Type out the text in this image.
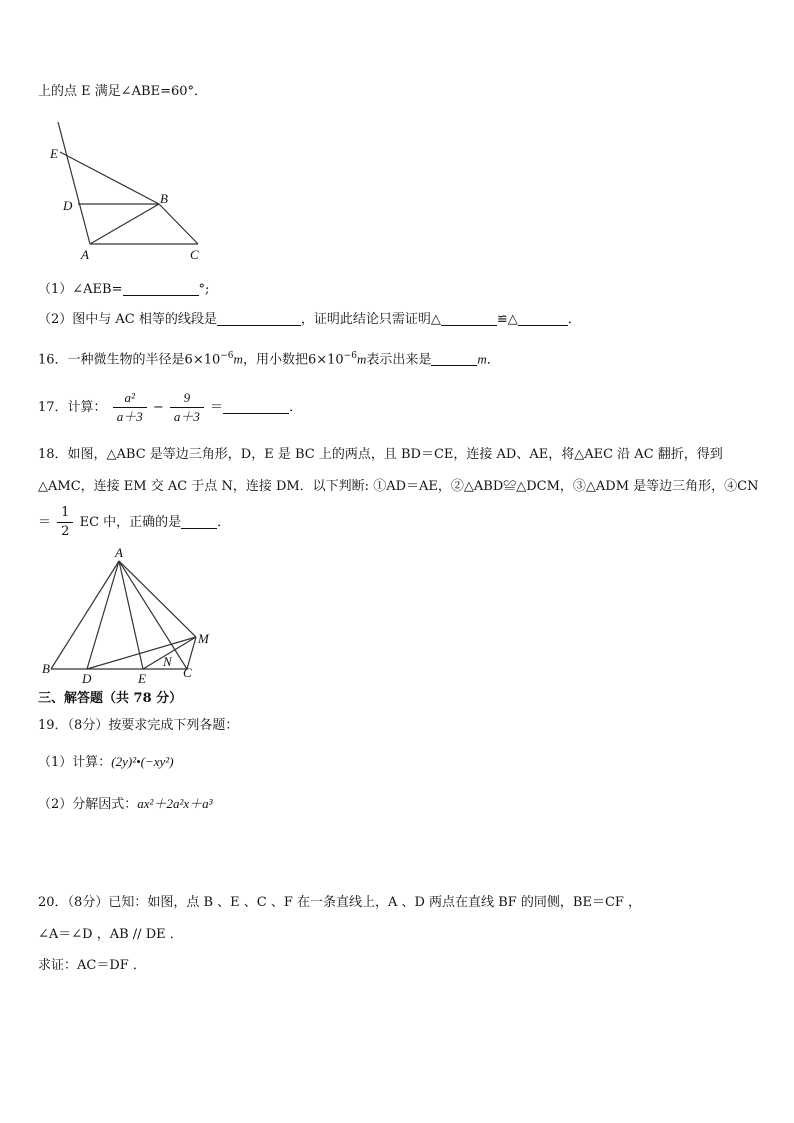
上的点 E 满足∠ABE=60°．
E
D	B
A	C
（1）∠AEB=	°;
（2）图中与 AC 相等的线段是	，证明此结论只需证明△	≌△	．
16．一种微生物的半径是$6\times 10^{-6}m$，用小数把$6\times 10^{-6}m$表示出来是	m．
17．计算： $\frac{\text{a²}}{a+3} - \frac{9}{a+3}$ ＝	．
18．如图，△ABC 是等边三角形，D，E 是 BC 上的两点，且 BD＝CE，连接 AD、AE，将△AEC 沿 AC 翻折，得到
△AMC，连接 EM 交 AC 于点 N，连接 DM．以下判断: ①AD＝AE，②△ABD≌△DCM，③△ADM 是等边三角形，④CN
＝ $\frac{1}{2}$ EC 中，正确的是	．
A
B
D	E
N
C
M
三、解答题（共 78 分）
19．（8分）按要求完成下列各题：
（1）计算：(2y)²•(−xy²)
（2）分解因式：ax²＋2a²x＋a³
20．（8分）已知：如图，点 B 、E 、C 、F 在一条直线上，A 、D 两点在直线 BF 的同侧，BE＝CF ，
∠A＝∠D ，AB // DE ．
求证：AC＝DF ．
